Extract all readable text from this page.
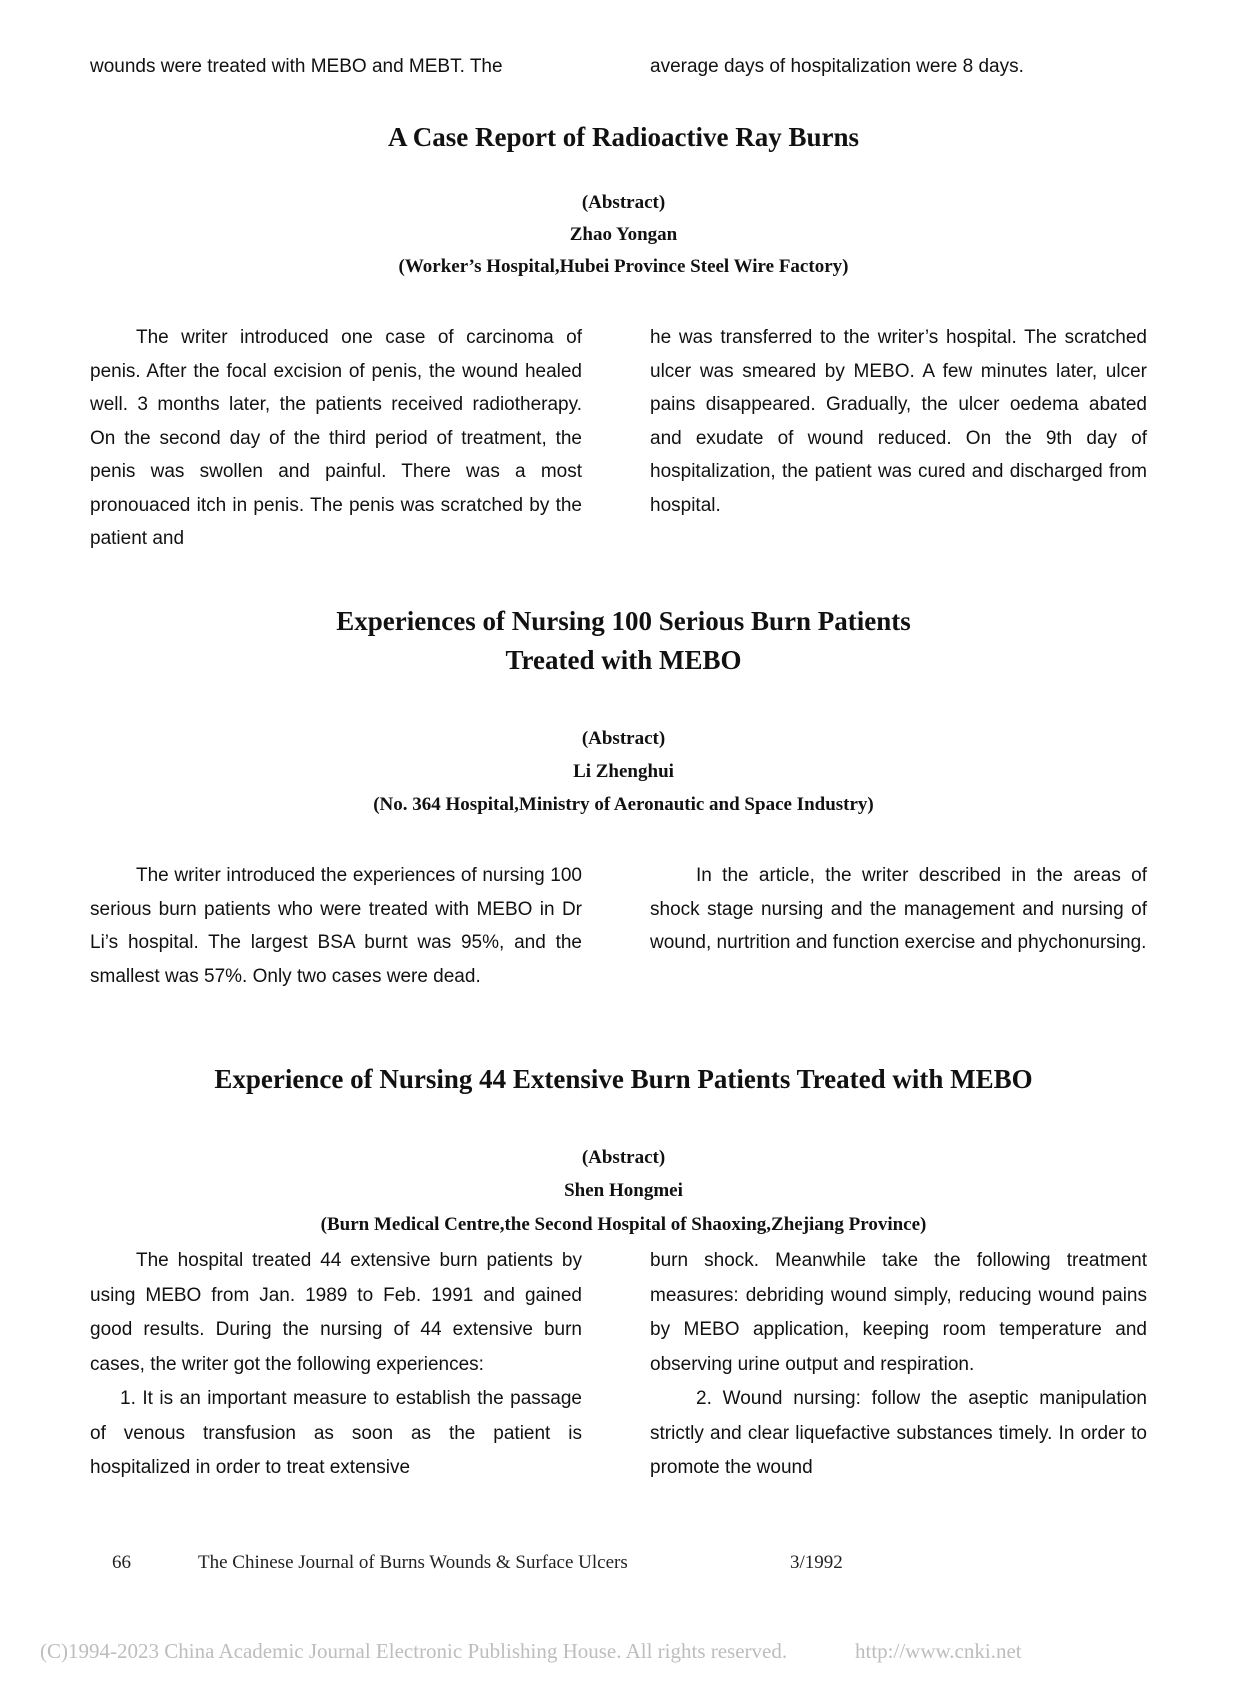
wounds were treated with MEBO and MEBT. The	average days of hospitalization were 8 days.
A Case Report of Radioactive Ray Burns
(Abstract)
Zhao Yongan
(Worker’s Hospital,Hubei Province Steel Wire Factory)

The writer introduced one case of carcinoma of penis. After the focal excision of penis, the wound healed well. 3 months later, the patients received radiotherapy. On the second day of the third period of treatment, the penis was swollen and painful. There was a most pronouaced itch in penis. The penis was scratched by the patient and

he was transferred to the writer’s hospital. The scratched ulcer was smeared by MEBO. A few minutes later, ulcer pains disappeared. Gradually, the ulcer oedema abated and exudate of wound reduced. On the 9th day of hospitalization, the patient was cured and discharged from hospital.

Experiences of Nursing 100 Serious Burn Patients
Treated with MEBO
(Abstract)
Li Zhenghui
(No. 364 Hospital,Ministry of Aeronautic and Space Industry)

The writer introduced the experiences of nursing 100 serious burn patients who were treated with MEBO in Dr Li’s hospital. The largest BSA burnt was 95%, and the smallest was 57%. Only two cases were dead.

In the article, the writer described in the areas of shock stage nursing and the management and nursing of wound, nurtrition and function exercise and phychonursing.

Experience of Nursing 44 Extensive Burn Patients Treated with MEBO
(Abstract)
Shen Hongmei
(Burn Medical Centre,the Second Hospital of Shaoxing,Zhejiang Province)

The hospital treated 44 extensive burn patients by using MEBO from Jan. 1989 to Feb. 1991 and gained good results. During the nursing of 44 extensive burn cases, the writer got the following experiences:

1. It is an important measure to establish the passage of venous transfusion as soon as the patient is hospitalized in order to treat extensive

burn shock. Meanwhile take the following treatment measures: debriding wound simply, reducing wound pains by MEBO application, keeping room temperature and observing urine output and respiration.

2. Wound nursing: follow the aseptic manipulation strictly and clear liquefactive substances timely. In order to promote the wound

66	The Chinese Journal of Burns Wounds & Surface Ulcers	3/1992
(C)1994-2023 China Academic Journal Electronic Publishing House. All rights reserved.	http://www.cnki.net
